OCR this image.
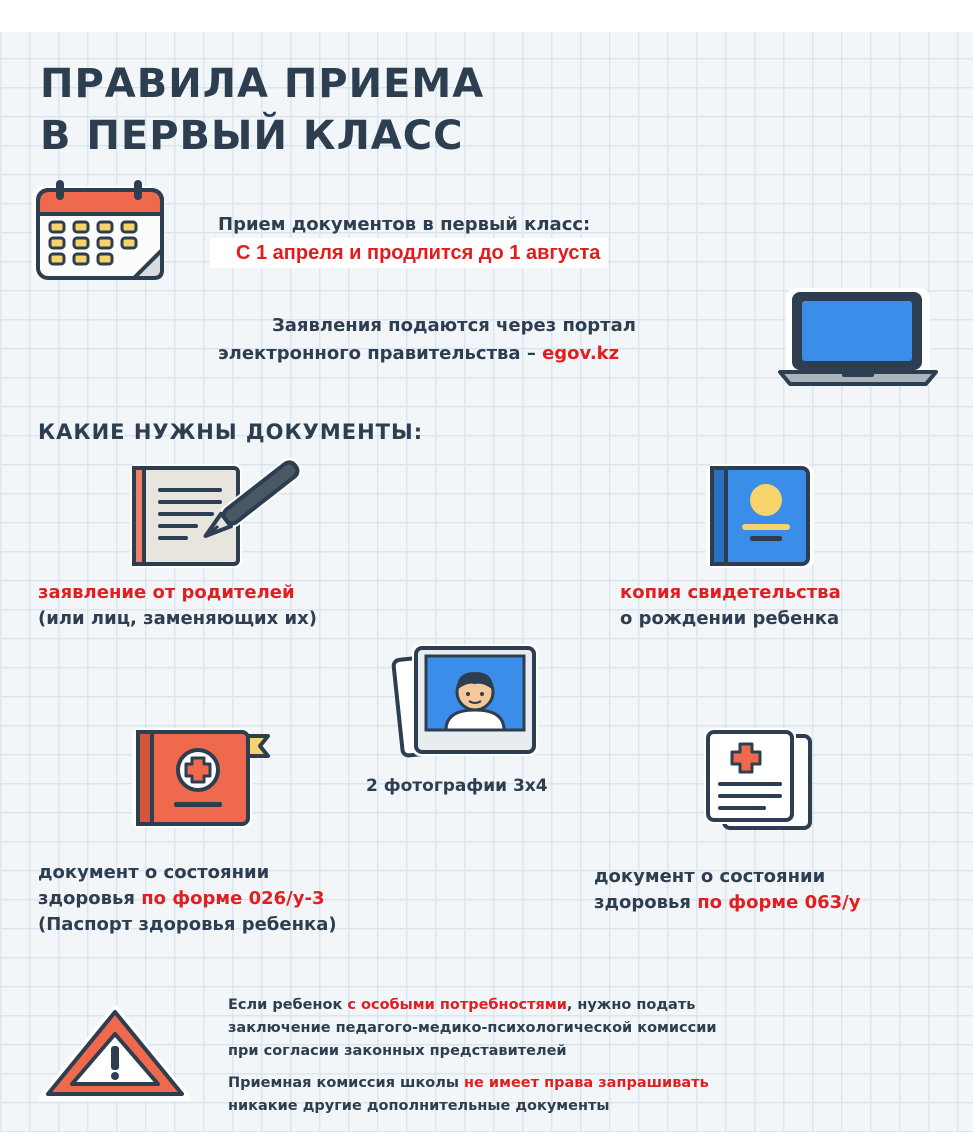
ПРАВИЛА ПРИЕМА
В ПЕРВЫЙ КЛАСС
Прием документов в первый класс:
С 1 апреля и продлится до 1 августа
Заявления подаются через портал
электронного правительства – egov.kz
КАКИЕ НУЖНЫ ДОКУМЕНТЫ:
заявление от родителей
(или лиц, заменяющих их)
копия свидетельства
о рождении ребенка
2 фотографии 3х4
документ о состоянии
здоровья по форме 026/у-3
(Паспорт здоровья ребенка)
документ о состоянии
здоровья по форме 063/у
Если ребенок с особыми потребностями, нужно подать
заключение педагого-медико-психологической комиссии
при согласии законных представителей
Приемная комиссия школы не имеет права запрашивать
никакие другие дополнительные документы
